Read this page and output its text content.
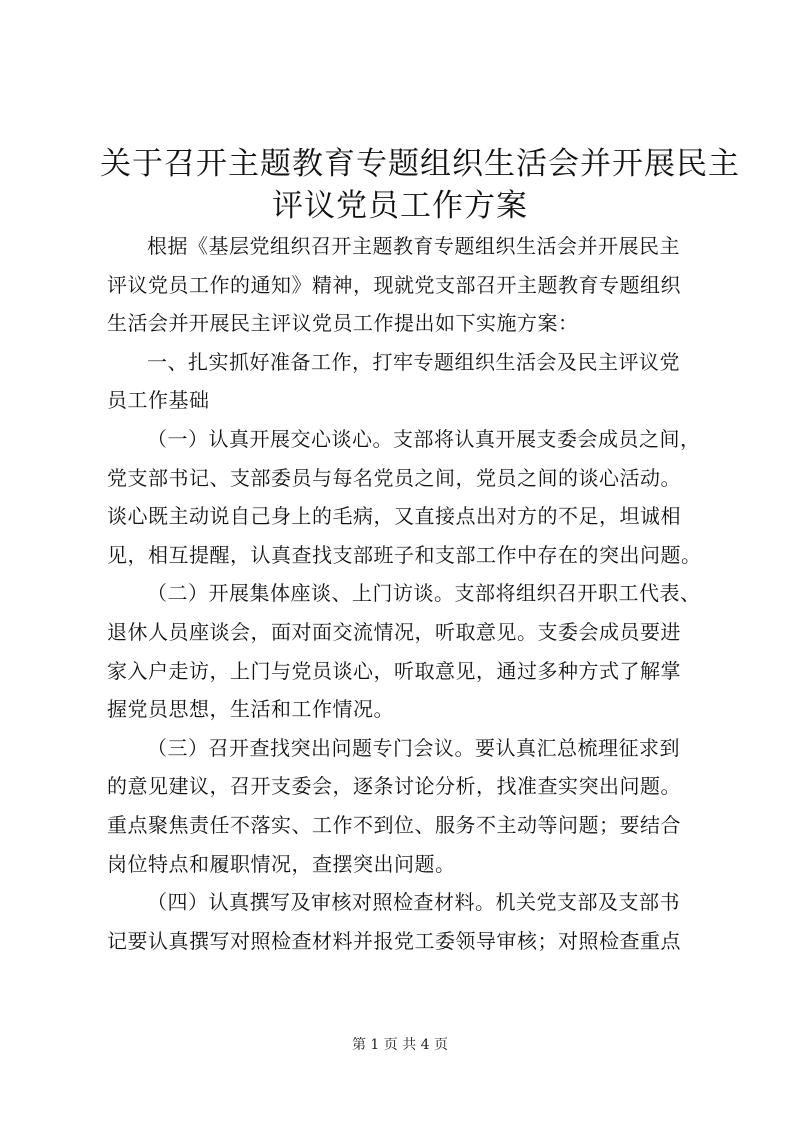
关于召开主题教育专题组织生活会并开展民主
评议党员工作方案
根据《基层党组织召开主题教育专题组织生活会并开展民主
评议党员工作的通知》精神，现就党支部召开主题教育专题组织
生活会并开展民主评议党员工作提出如下实施方案：
一、扎实抓好准备工作，打牢专题组织生活会及民主评议党
员工作基础
（一）认真开展交心谈心。支部将认真开展支委会成员之间，
党支部书记、支部委员与每名党员之间，党员之间的谈心活动。
谈心既主动说自己身上的毛病，又直接点出对方的不足，坦诚相
见，相互提醒，认真查找支部班子和支部工作中存在的突出问题。
（二）开展集体座谈、上门访谈。支部将组织召开职工代表、
退休人员座谈会，面对面交流情况，听取意见。支委会成员要进
家入户走访，上门与党员谈心，听取意见，通过多种方式了解掌
握党员思想，生活和工作情况。
（三）召开查找突出问题专门会议。要认真汇总梳理征求到
的意见建议，召开支委会，逐条讨论分析，找准查实突出问题。
重点聚焦责任不落实、工作不到位、服务不主动等问题；要结合
岗位特点和履职情况，查摆突出问题。
（四）认真撰写及审核对照检查材料。机关党支部及支部书
记要认真撰写对照检查材料并报党工委领导审核；对照检查重点
第 1 页 共 4 页
